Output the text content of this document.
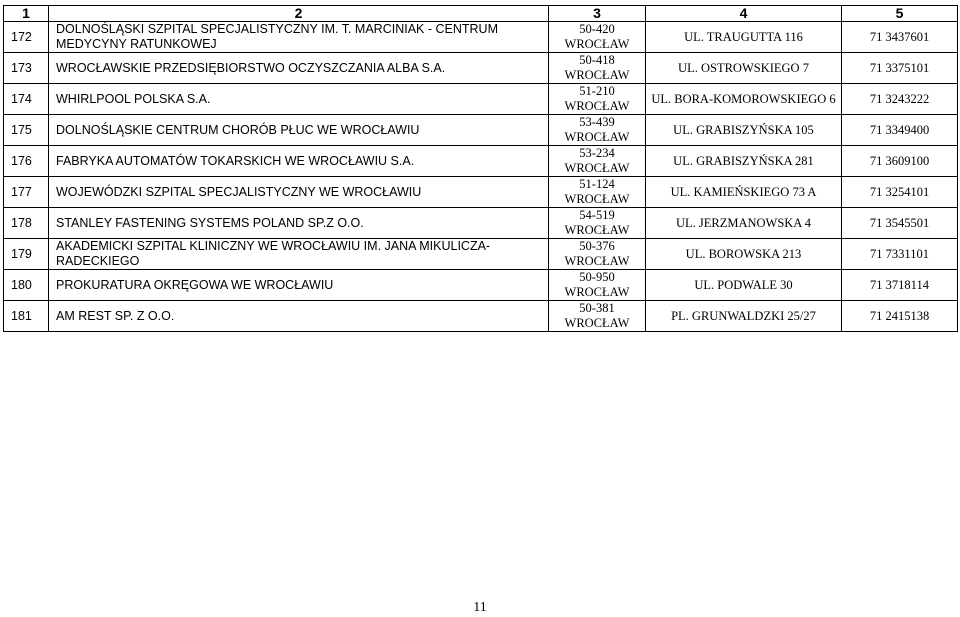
1	2	3	4	5
172	DOLNOŚLĄSKI SZPITAL SPECJALISTYCZNY IM. T. MARCINIAK - CENTRUM
MEDYCYNY RATUNKOWEJ	50-420
WROCŁAW	UL. TRAUGUTTA 116	71 3437601
173	WROCŁAWSKIE PRZEDSIĘBIORSTWO OCZYSZCZANIA ALBA S.A.	50-418
WROCŁAW	UL. OSTROWSKIEGO 7	71 3375101
174	WHIRLPOOL POLSKA S.A.	51-210
WROCŁAW	UL. BORA-KOMOROWSKIEGO 6	71 3243222
175	DOLNOŚLĄSKIE CENTRUM CHORÓB PŁUC WE WROCŁAWIU	53-439
WROCŁAW	UL. GRABISZYŃSKA 105	71 3349400
176	FABRYKA AUTOMATÓW TOKARSKICH WE WROCŁAWIU S.A.	53-234
WROCŁAW	UL. GRABISZYŃSKA 281	71 3609100
177	WOJEWÓDZKI SZPITAL SPECJALISTYCZNY WE WROCŁAWIU	51-124
WROCŁAW	UL. KAMIEŃSKIEGO 73 A	71 3254101
178	STANLEY FASTENING SYSTEMS POLAND SP.Z O.O.	54-519
WROCŁAW	UL. JERZMANOWSKA 4	71 3545501
179	AKADEMICKI SZPITAL KLINICZNY WE WROCŁAWIU IM. JANA MIKULICZA-
RADECKIEGO	50-376
WROCŁAW	UL. BOROWSKA 213	71 7331101
180	PROKURATURA OKRĘGOWA WE WROCŁAWIU	50-950
WROCŁAW	UL. PODWALE 30	71 3718114
181	AM REST SP. Z O.O.	50-381
WROCŁAW	PL. GRUNWALDZKI 25/27	71 2415138
11
